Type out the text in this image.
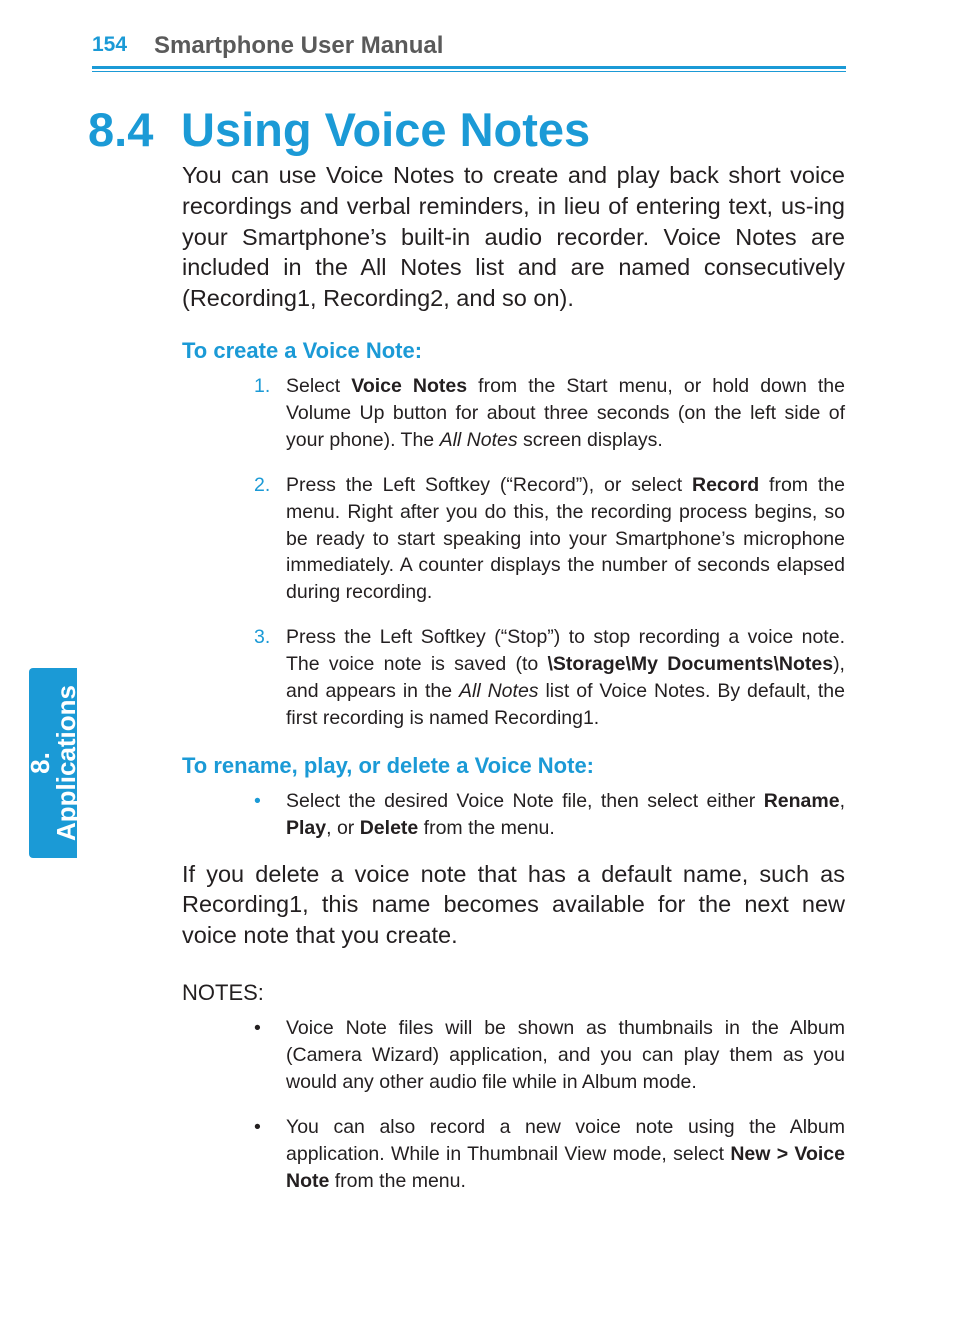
154 Smartphone User Manual
8.
Applications
8.4 Using Voice Notes

You can use Voice Notes to create and play back short voice recordings and verbal reminders, in lieu of entering text, us-ing your Smartphone’s built-in audio recorder. Voice Notes are included in the All Notes list and are named consecutively (Recording1, Recording2, and so on).

To create a Voice Note:
1. Select Voice Notes from the Start menu, or hold down the Volume Up button for about three seconds (on the left side of your phone). The All Notes screen displays.
2. Press the Left Softkey (“Record”), or select Record from the menu. Right after you do this, the recording process begins, so be ready to start speaking into your Smartphone’s microphone immediately. A counter displays the number of seconds elapsed during recording.
3. Press the Left Softkey (“Stop”) to stop recording a voice note. The voice note is saved (to \Storage\My Documents\Notes), and appears in the All Notes list of Voice Notes. By default, the first recording is named Recording1.
To rename, play, or delete a Voice Note:
• Select the desired Voice Note file, then select either Rename, Play, or Delete from the menu.

If you delete a voice note that has a default name, such as Recording1, this name becomes available for the next new voice note that you create.

NOTES:

• Voice Note files will be shown as thumbnails in the Album (Camera Wizard) application, and you can play them as you would any other audio file while in Album mode.
• You can also record a new voice note using the Album application. While in Thumbnail View mode, select New > Voice Note from the menu.
